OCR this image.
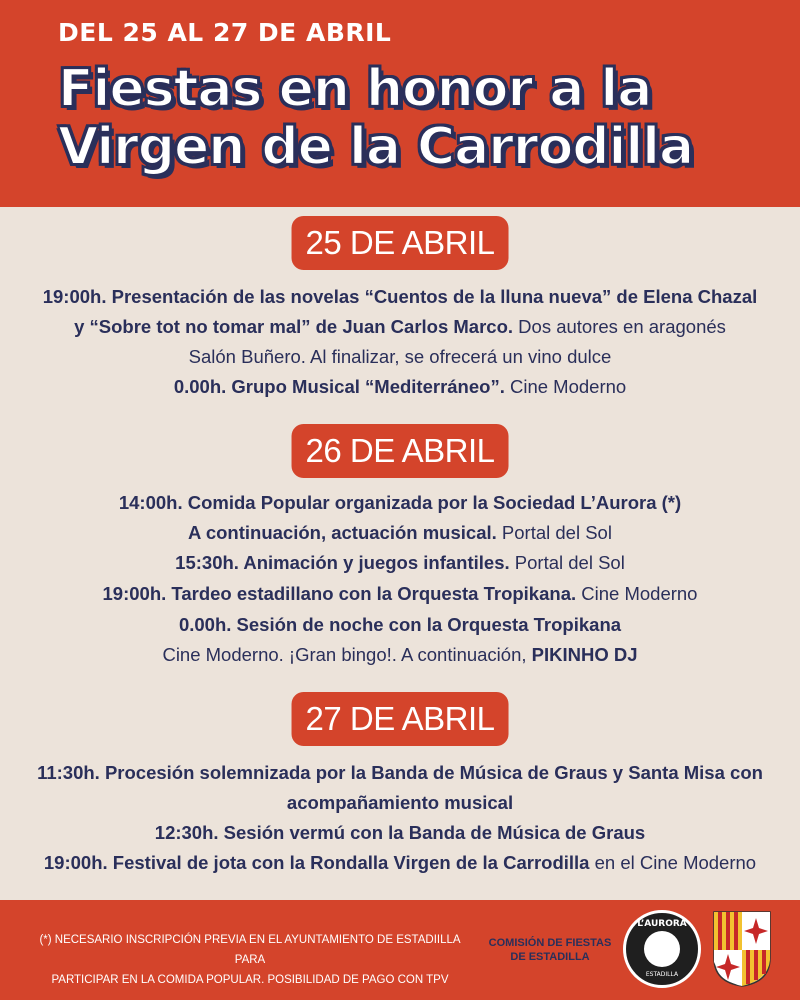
DEL 25 AL 27 DE ABRIL
Fiestas en honor a la
Virgen de la Carrodilla
25 DE ABRIL
19:00h. Presentación de las novelas “Cuentos de la lluna nueva” de Elena Chazal
y “Sobre tot no tomar mal” de Juan Carlos Marco. Dos autores en aragonés
Salón Buñero. Al finalizar, se ofrecerá un vino dulce
0.00h. Grupo Musical “Mediterráneo”. Cine Moderno
26 DE ABRIL
14:00h. Comida Popular organizada por la Sociedad L’Aurora (*)
A continuación, actuación musical. Portal del Sol
15:30h. Animación y juegos infantiles. Portal del Sol
19:00h. Tardeo estadillano con la Orquesta Tropikana. Cine Moderno
0.00h. Sesión de noche con la Orquesta Tropikana
Cine Moderno. ¡Gran bingo!. A continuación, PIKINHO DJ
27 DE ABRIL
11:30h. Procesión solemnizada por la Banda de Música de Graus y Santa Misa con
acompañamiento musical
12:30h. Sesión vermú con la Banda de Música de Graus
19:00h. Festival de jota con la Rondalla Virgen de la Carrodilla en el Cine Moderno
(*) NECESARIO INSCRIPCIÓN PREVIA EN EL AYUNTAMIENTO DE ESTADIILLA PARA
PARTICIPAR EN LA COMIDA POPULAR. POSIBILIDAD DE PAGO CON TPV
COMISIÓN DE FIESTAS
DE ESTADILLA
L’AURORA
ESTADILLA
